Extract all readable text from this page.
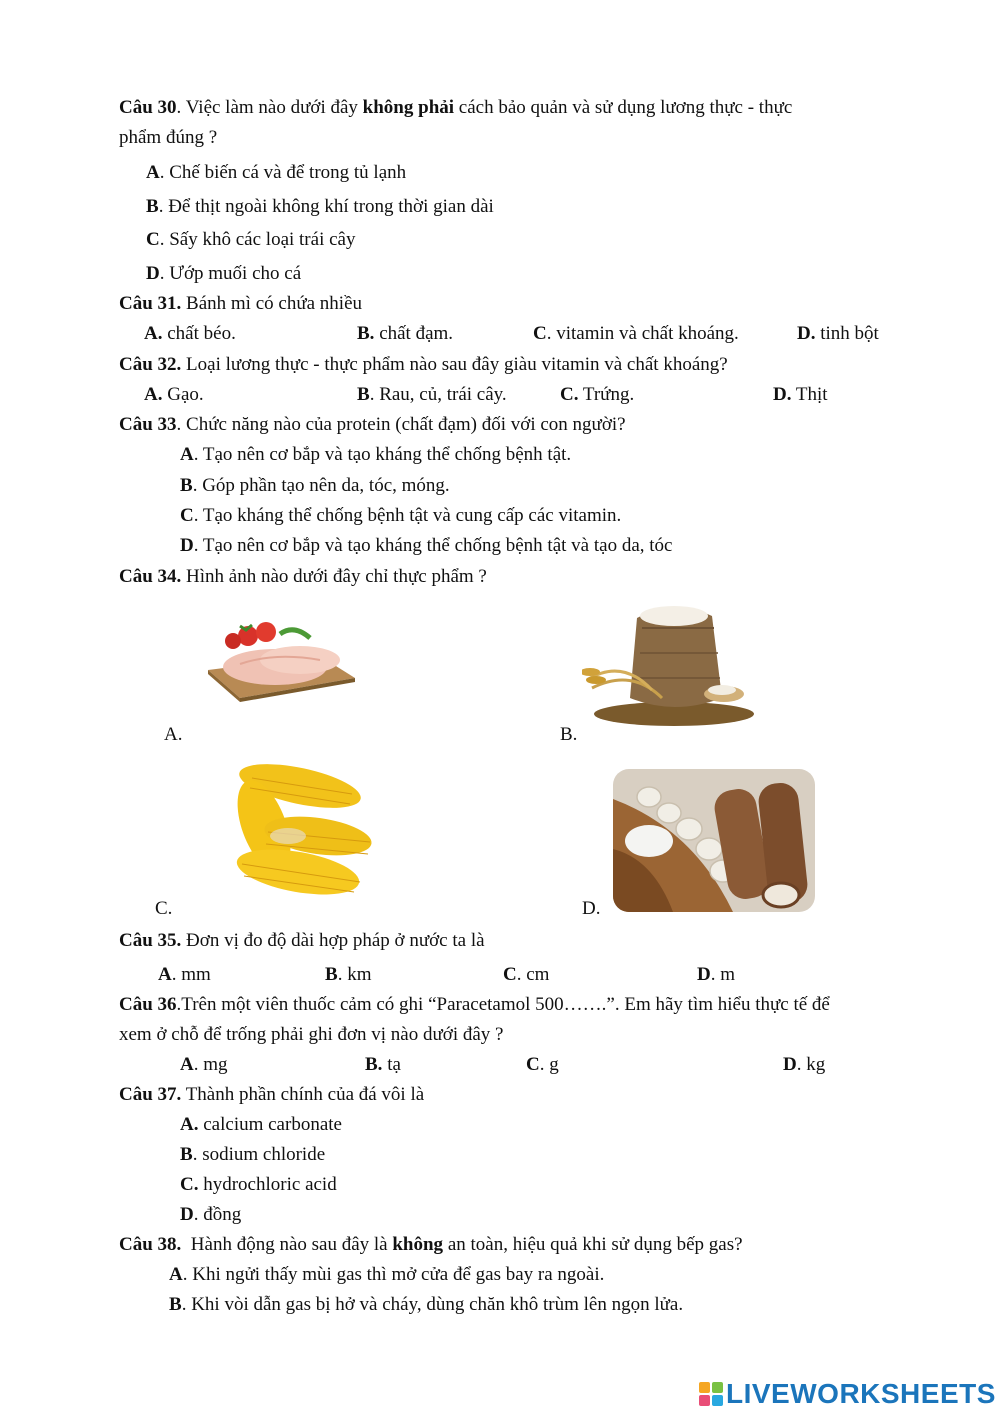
Câu 30. Việc làm nào dưới đây không phải cách bảo quản và sử dụng lương thực - thực
phẩm đúng ?
A. Chế biến cá và để trong tủ lạnh
B. Để thịt ngoài không khí trong thời gian dài
C. Sấy khô các loại trái cây
D. Ướp muối cho cá
Câu 31. Bánh mì có chứa nhiều
A. chất béo.	B. chất đạm.	C. vitamin và chất khoáng.	D. tinh bột
Câu 32. Loại lương thực - thực phẩm nào sau đây giàu vitamin và chất khoáng?
A. Gạo.	B. Rau, củ, trái cây.	C. Trứng.	D. Thịt
Câu 33. Chức năng nào của protein (chất đạm) đối với con người?
A. Tạo nên cơ bắp và tạo kháng thể chống bệnh tật.
B. Góp phần tạo nên da, tóc, móng.
C. Tạo kháng thể chống bệnh tật và cung cấp các vitamin.
D. Tạo nên cơ bắp và tạo kháng thể chống bệnh tật và tạo da, tóc
Câu 34. Hình ảnh nào dưới đây chỉ thực phẩm ?
A.	B.
C.	D.
Câu 35. Đơn vị đo độ dài hợp pháp ở nước ta là
A. mm	B. km	C. cm	D. m
Câu 36.Trên một viên thuốc cảm có ghi “Paracetamol 500…….”. Em hãy tìm hiểu thực tế để
xem ở chỗ để trống phải ghi đơn vị nào dưới đây ?
A. mg	B. tạ	C. g	D. kg
Câu 37. Thành phần chính của đá vôi là
A. calcium carbonate
B. sodium chloride
C. hydrochloric acid
D. đồng
Câu 38.  Hành động nào sau đây là không an toàn, hiệu quả khi sử dụng bếp gas?
A. Khi ngửi thấy mùi gas thì mở cửa để gas bay ra ngoài.
B. Khi vòi dẫn gas bị hở và cháy, dùng chăn khô trùm lên ngọn lửa.
LIVEWORKSHEETS
